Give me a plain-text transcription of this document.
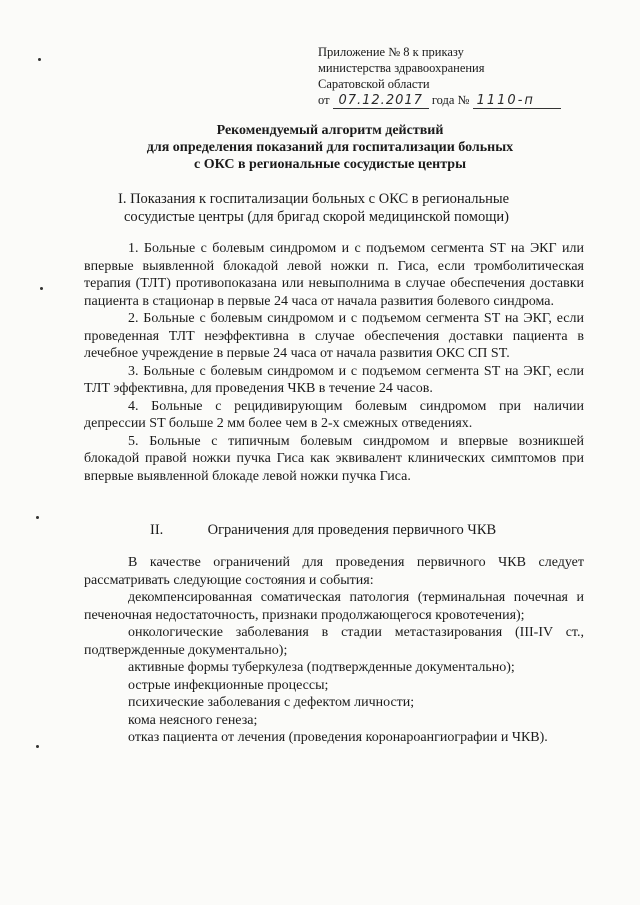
Приложение № 8 к приказу
министерства здравоохранения
Саратовской области
от 07.12.2017 года № 1110-п
Рекомендуемый алгоритм действий
для определения показаний для госпитализации больных
с ОКС в региональные сосудистые центры
I. Показания к госпитализации больных с ОКС в региональные
сосудистые центры (для бригад скорой медицинской помощи)

1. Больные с болевым синдромом и с подъемом сегмента ST на ЭКГ или впервые выявленной блокадой левой ножки п. Гиса, если тромболитическая терапия (ТЛТ) противопоказана или невыполнима в случае обеспечения доставки пациента в стационар в первые 24 часа от начала развития болевого синдрома.

2. Больные с болевым синдромом и с подъемом сегмента ST на ЭКГ, если проведенная ТЛТ неэффективна в случае обеспечения доставки пациента в лечебное учреждение в первые 24 часа от начала развития ОКС СП ST.

3. Больные с болевым синдромом и с подъемом сегмента ST на ЭКГ, если ТЛТ эффективна, для проведения ЧКВ в течение 24 часов.

4. Больные с рецидивирующим болевым синдромом при наличии депрессии ST больше 2 мм более чем в 2-х смежных отведениях.

5. Больные с типичным болевым синдромом и впервые возникшей блокадой правой ножки пучка Гиса как эквивалент клинических симптомов при впервые выявленной блокаде левой ножки пучка Гиса.

II.	Ограничения для проведения первичного ЧКВ

В качестве ограничений для проведения первичного ЧКВ следует рассматривать следующие состояния и события:

декомпенсированная соматическая патология (терминальная почечная и печеночная недостаточность, признаки продолжающегося кровотечения);

онкологические заболевания в стадии метастазирования (III-IV ст., подтвержденные документально);

активные формы туберкулеза (подтвержденные документально);

острые инфекционные процессы;

психические заболевания с дефектом личности;

кома неясного генеза;

отказ пациента от лечения (проведения коронароангиографии и ЧКВ).
